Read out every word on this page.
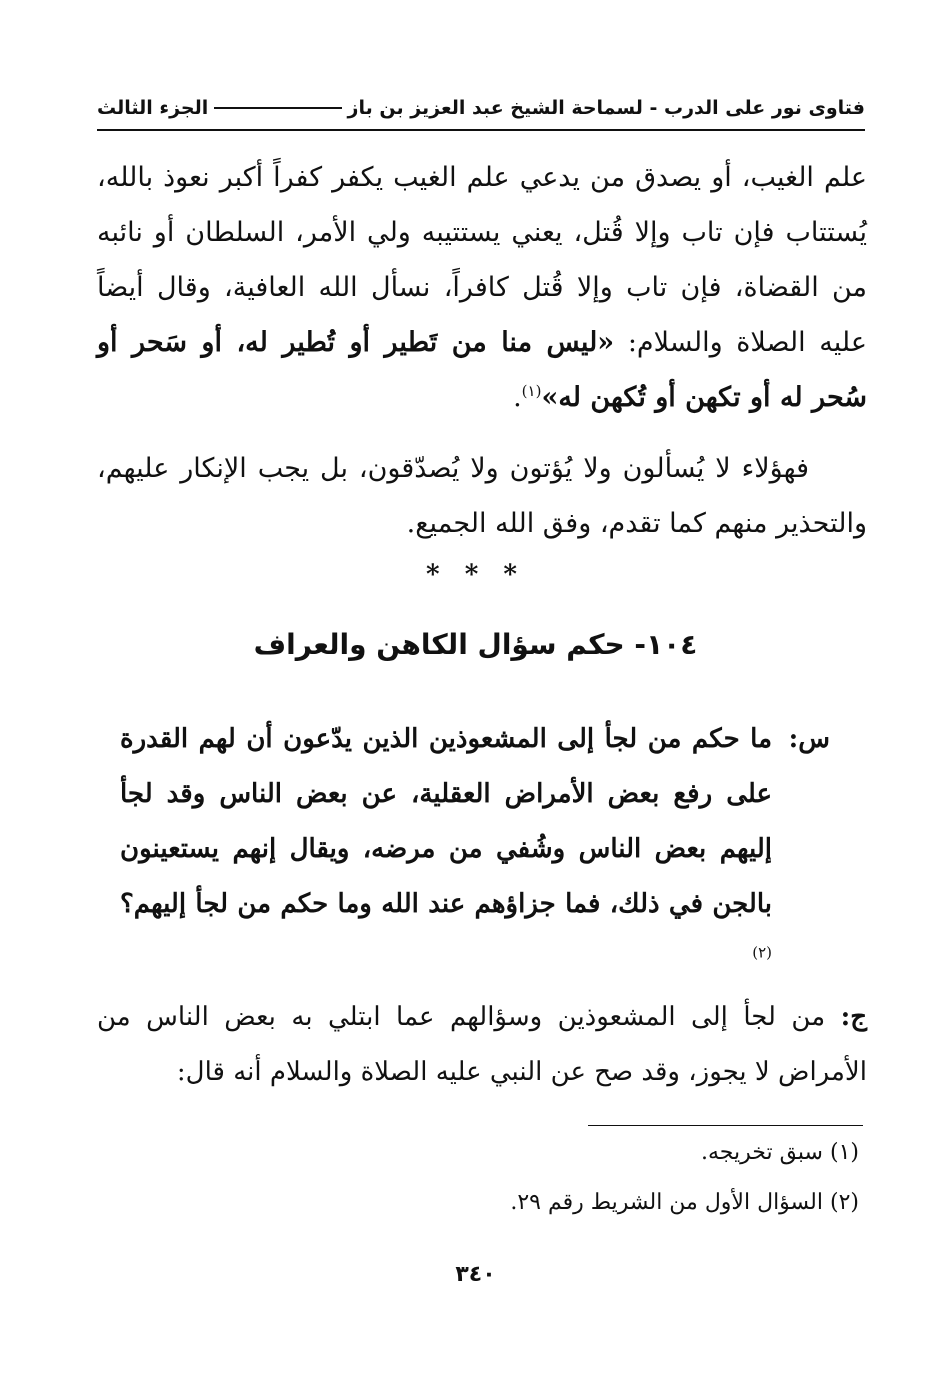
فتاوى نور على الدرب - لسماحة الشيخ عبد العزيز بن باز
الجزء الثالث

علم الغيب، أو يصدق من يدعي علم الغيب يكفر كفراً أكبر نعوذ بالله، يُستتاب فإن تاب وإلا قُتل، يعني يستتيبه ولي الأمر، السلطان أو نائبه من القضاة، فإن تاب وإلا قُتل كافراً، نسأل الله العافية، وقال أيضاً عليه الصلاة والسلام: «ليس منا من تَطير أو تُطير له، أو سَحر أو سُحر له أو تكهن أو تُكهن له»$^{(١)}$.

فهؤلاء لا يُسألون ولا يُؤتون ولا يُصدّقون، بل يجب الإنكار عليهم، والتحذير منهم كما تقدم، وفق الله الجميع.

* * *
١٠٤- حكم سؤال الكاهن والعراف
س:
ما حكم من لجأ إلى المشعوذين الذين يدّعون أن لهم القدرة على رفع بعض الأمراض العقلية، عن بعض الناس وقد لجأ إليهم بعض الناس وشُفي من مرضه، ويقال إنهم يستعينون بالجن في ذلك، فما جزاؤهم عند الله وما حكم من لجأ إليهم؟$^{(٢)}$

ج: من لجأ إلى المشعوذين وسؤالهم عما ابتلي به بعض الناس من الأمراض لا يجوز، وقد صح عن النبي عليه الصلاة والسلام أنه قال:

(١) سبق تخريجه.
(٢) السؤال الأول من الشريط رقم ٢٩.
٣٤٠
